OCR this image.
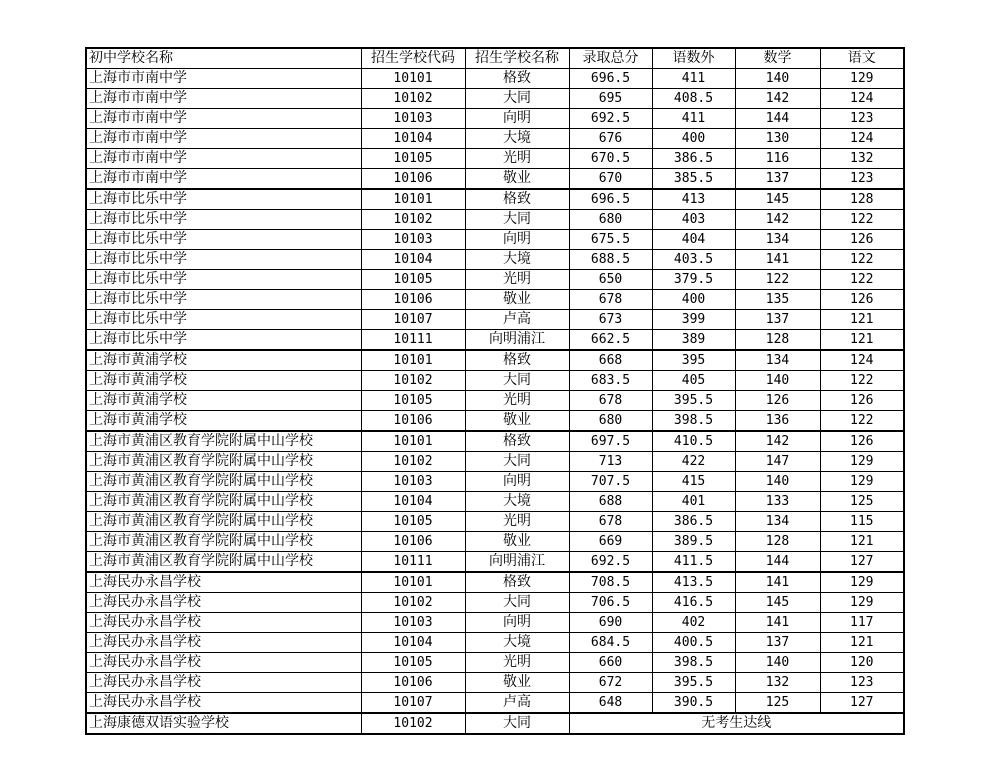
初中学校名称	招生学校代码	招生学校名称	录取总分	语数外	数学	语文
上海市市南中学	10101	格致	696.5	411	140	129
上海市市南中学	10102	大同	695	408.5	142	124
上海市市南中学	10103	向明	692.5	411	144	123
上海市市南中学	10104	大境	676	400	130	124
上海市市南中学	10105	光明	670.5	386.5	116	132
上海市市南中学	10106	敬业	670	385.5	137	123
上海市比乐中学	10101	格致	696.5	413	145	128
上海市比乐中学	10102	大同	680	403	142	122
上海市比乐中学	10103	向明	675.5	404	134	126
上海市比乐中学	10104	大境	688.5	403.5	141	122
上海市比乐中学	10105	光明	650	379.5	122	122
上海市比乐中学	10106	敬业	678	400	135	126
上海市比乐中学	10107	卢高	673	399	137	121
上海市比乐中学	10111	向明浦江	662.5	389	128	121
上海市黄浦学校	10101	格致	668	395	134	124
上海市黄浦学校	10102	大同	683.5	405	140	122
上海市黄浦学校	10105	光明	678	395.5	126	126
上海市黄浦学校	10106	敬业	680	398.5	136	122
上海市黄浦区教育学院附属中山学校	10101	格致	697.5	410.5	142	126
上海市黄浦区教育学院附属中山学校	10102	大同	713	422	147	129
上海市黄浦区教育学院附属中山学校	10103	向明	707.5	415	140	129
上海市黄浦区教育学院附属中山学校	10104	大境	688	401	133	125
上海市黄浦区教育学院附属中山学校	10105	光明	678	386.5	134	115
上海市黄浦区教育学院附属中山学校	10106	敬业	669	389.5	128	121
上海市黄浦区教育学院附属中山学校	10111	向明浦江	692.5	411.5	144	127
上海民办永昌学校	10101	格致	708.5	413.5	141	129
上海民办永昌学校	10102	大同	706.5	416.5	145	129
上海民办永昌学校	10103	向明	690	402	141	117
上海民办永昌学校	10104	大境	684.5	400.5	137	121
上海民办永昌学校	10105	光明	660	398.5	140	120
上海民办永昌学校	10106	敬业	672	395.5	132	123
上海民办永昌学校	10107	卢高	648	390.5	125	127
上海康德双语实验学校	10102	大同	无考生达线			
